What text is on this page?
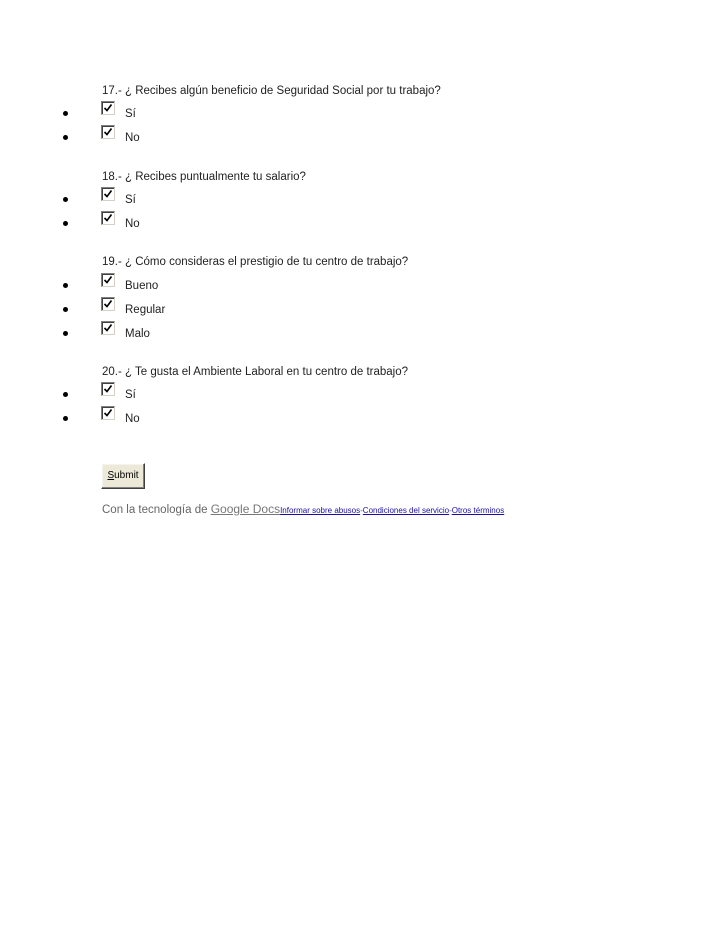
17.- ¿ Recibes algún beneficio de Seguridad Social por tu trabajo?
Sí
No
18.- ¿ Recibes puntualmente tu salario?
Sí
No
19.- ¿ Cómo consideras el prestigio de tu centro de trabajo?
Bueno
Regular
Malo
20.- ¿ Te gusta el Ambiente Laboral en tu centro de trabajo?
Sí
No
Submit
Con la tecnología de Google DocsInformar sobre abusos-Condiciones del servicio-Otros términos
